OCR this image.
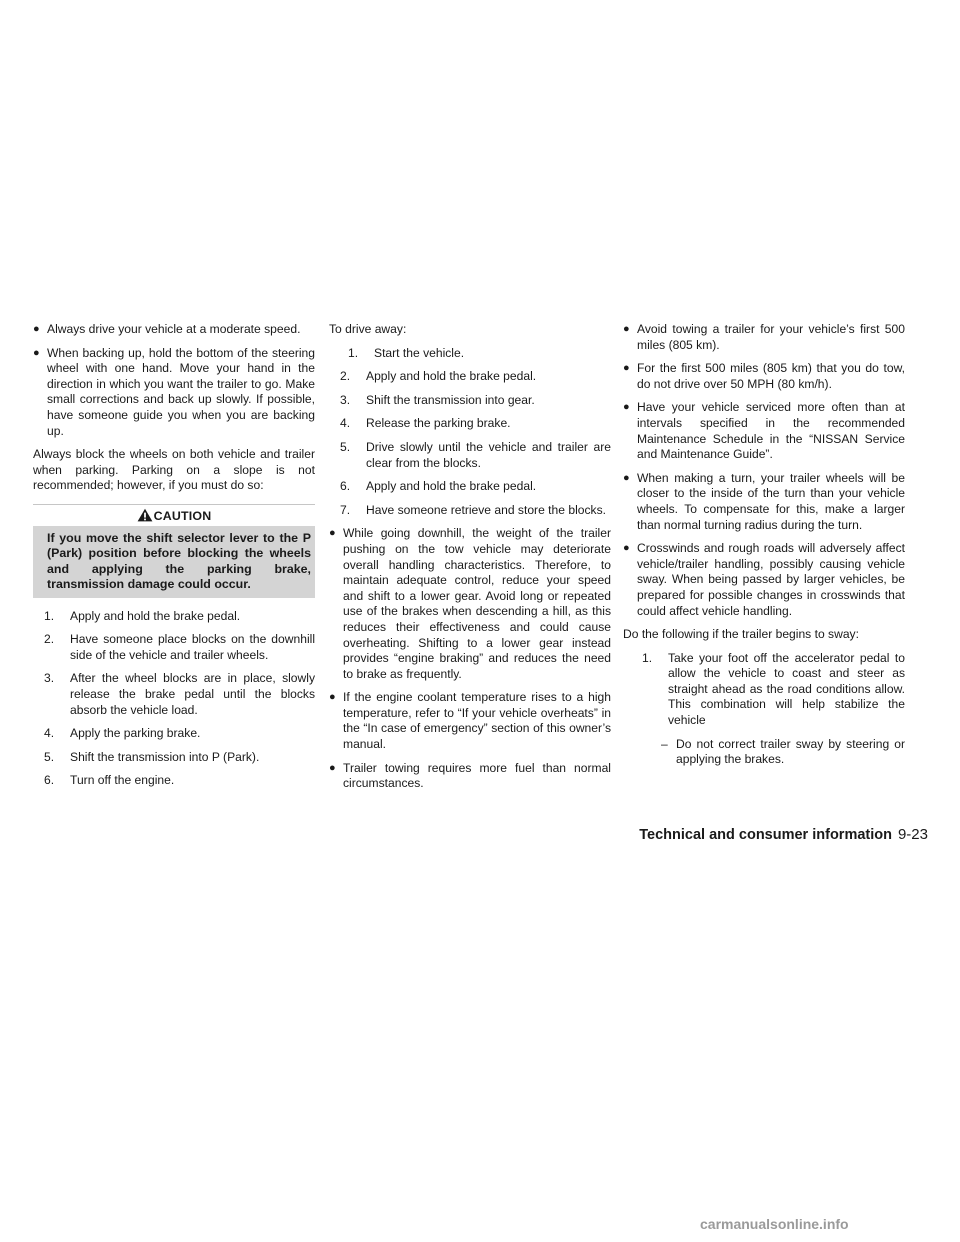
● Always drive your vehicle at a moderate speed.
● When backing up, hold the bottom of the steering wheel with one hand. Move your hand in the direction in which you want the trailer to go. Make small corrections and back up slowly. If possible, have someone guide you when you are backing up.

Always block the wheels on both vehicle and trailer when parking. Parking on a slope is not recommended; however, if you must do so:

CAUTION
If you move the shift selector lever to the P (Park) position before blocking the wheels and applying the parking brake, transmission damage could occur.
1. Apply and hold the brake pedal.
2. Have someone place blocks on the downhill side of the vehicle and trailer wheels.
3. After the wheel blocks are in place, slowly release the brake pedal until the blocks absorb the vehicle load.
4. Apply the parking brake.
5. Shift the transmission into P (Park).
6. Turn off the engine.

To drive away:

1. Start the vehicle.
2. Apply and hold the brake pedal.
3. Shift the transmission into gear.
4. Release the parking brake.
5. Drive slowly until the vehicle and trailer are clear from the blocks.
6. Apply and hold the brake pedal.
7. Have someone retrieve and store the blocks.
● While going downhill, the weight of the trailer pushing on the tow vehicle may deteriorate overall handling characteristics. Therefore, to maintain adequate control, reduce your speed and shift to a lower gear. Avoid long or repeated use of the brakes when descending a hill, as this reduces their effectiveness and could cause overheating. Shifting to a lower gear instead provides “engine braking” and reduces the need to brake as frequently.
● If the engine coolant temperature rises to a high temperature, refer to “If your vehicle overheats” in the “In case of emergency” section of this owner’s manual.
● Trailer towing requires more fuel than normal circumstances.
● Avoid towing a trailer for your vehicle’s first 500 miles (805 km).
● For the first 500 miles (805 km) that you do tow, do not drive over 50 MPH (80 km/h).
● Have your vehicle serviced more often than at intervals specified in the recommended Maintenance Schedule in the “NISSAN Service and Maintenance Guide”.
● When making a turn, your trailer wheels will be closer to the inside of the turn than your vehicle wheels. To compensate for this, make a larger than normal turning radius during the turn.
● Crosswinds and rough roads will adversely affect vehicle/trailer handling, possibly causing vehicle sway. When being passed by larger vehicles, be prepared for possible changes in crosswinds that could affect vehicle handling.

Do the following if the trailer begins to sway:

1. Take your foot off the accelerator pedal to allow the vehicle to coast and steer as straight ahead as the road conditions allow. This combination will help stabilize the vehicle
– Do not correct trailer sway by steering or applying the brakes.
Technical and consumer information 9-23
carmanualsonline.info
